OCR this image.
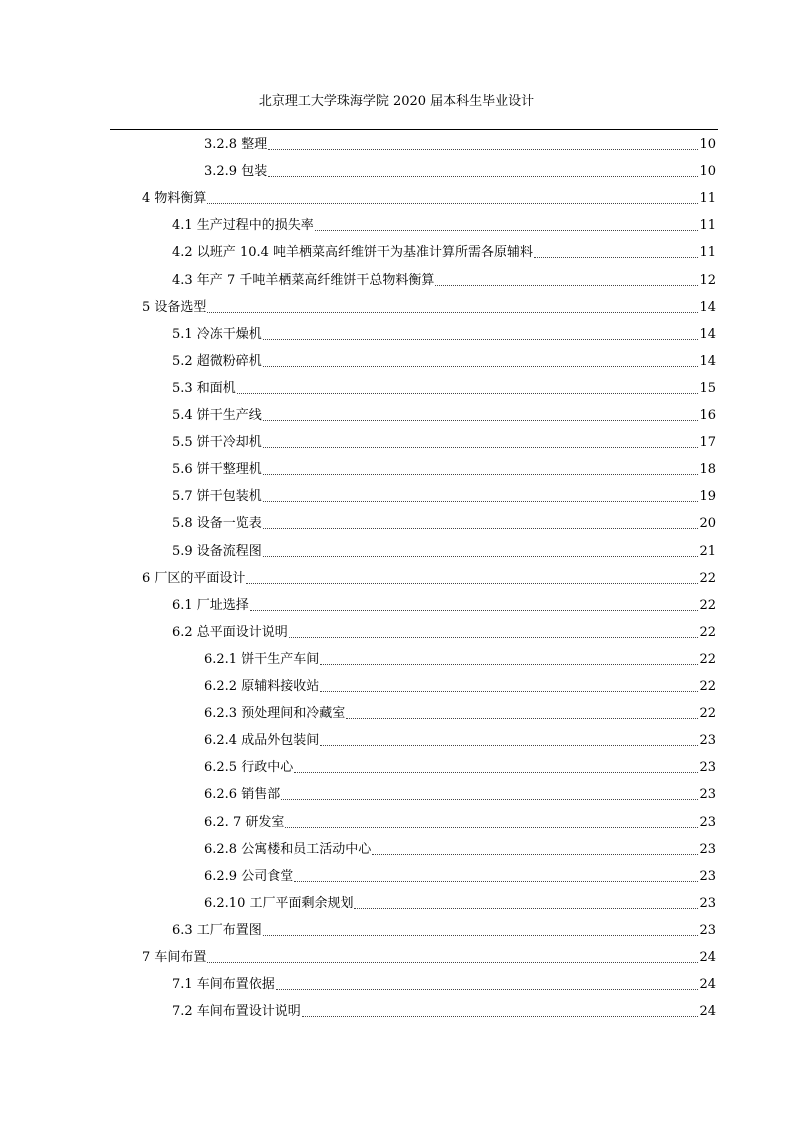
北京理工大学珠海学院 2020 届本科生毕业设计
3.2.8 整理	10
3.2.9 包装	10
4 物料衡算	11
4.1 生产过程中的损失率	11
4.2 以班产 10.4 吨羊栖菜高纤维饼干为基准计算所需各原辅料	11
4.3 年产 7 千吨羊栖菜高纤维饼干总物料衡算	12
5 设备选型	14
5.1 冷冻干燥机	14
5.2 超微粉碎机	14
5.3 和面机	15
5.4 饼干生产线	16
5.5 饼干冷却机	17
5.6 饼干整理机	18
5.7 饼干包装机	19
5.8 设备一览表	20
5.9 设备流程图	21
6 厂区的平面设计	22
6.1 厂址选择	22
6.2 总平面设计说明	22
6.2.1 饼干生产车间	22
6.2.2 原辅料接收站	22
6.2.3 预处理间和冷藏室	22
6.2.4 成品外包装间	23
6.2.5 行政中心	23
6.2.6 销售部	23
6.2. 7 研发室	23
6.2.8 公寓楼和员工活动中心	23
6.2.9 公司食堂	23
6.2.10 工厂平面剩余规划	23
6.3 工厂布置图	23
7 车间布置	24
7.1 车间布置依据	24
7.2 车间布置设计说明	24
